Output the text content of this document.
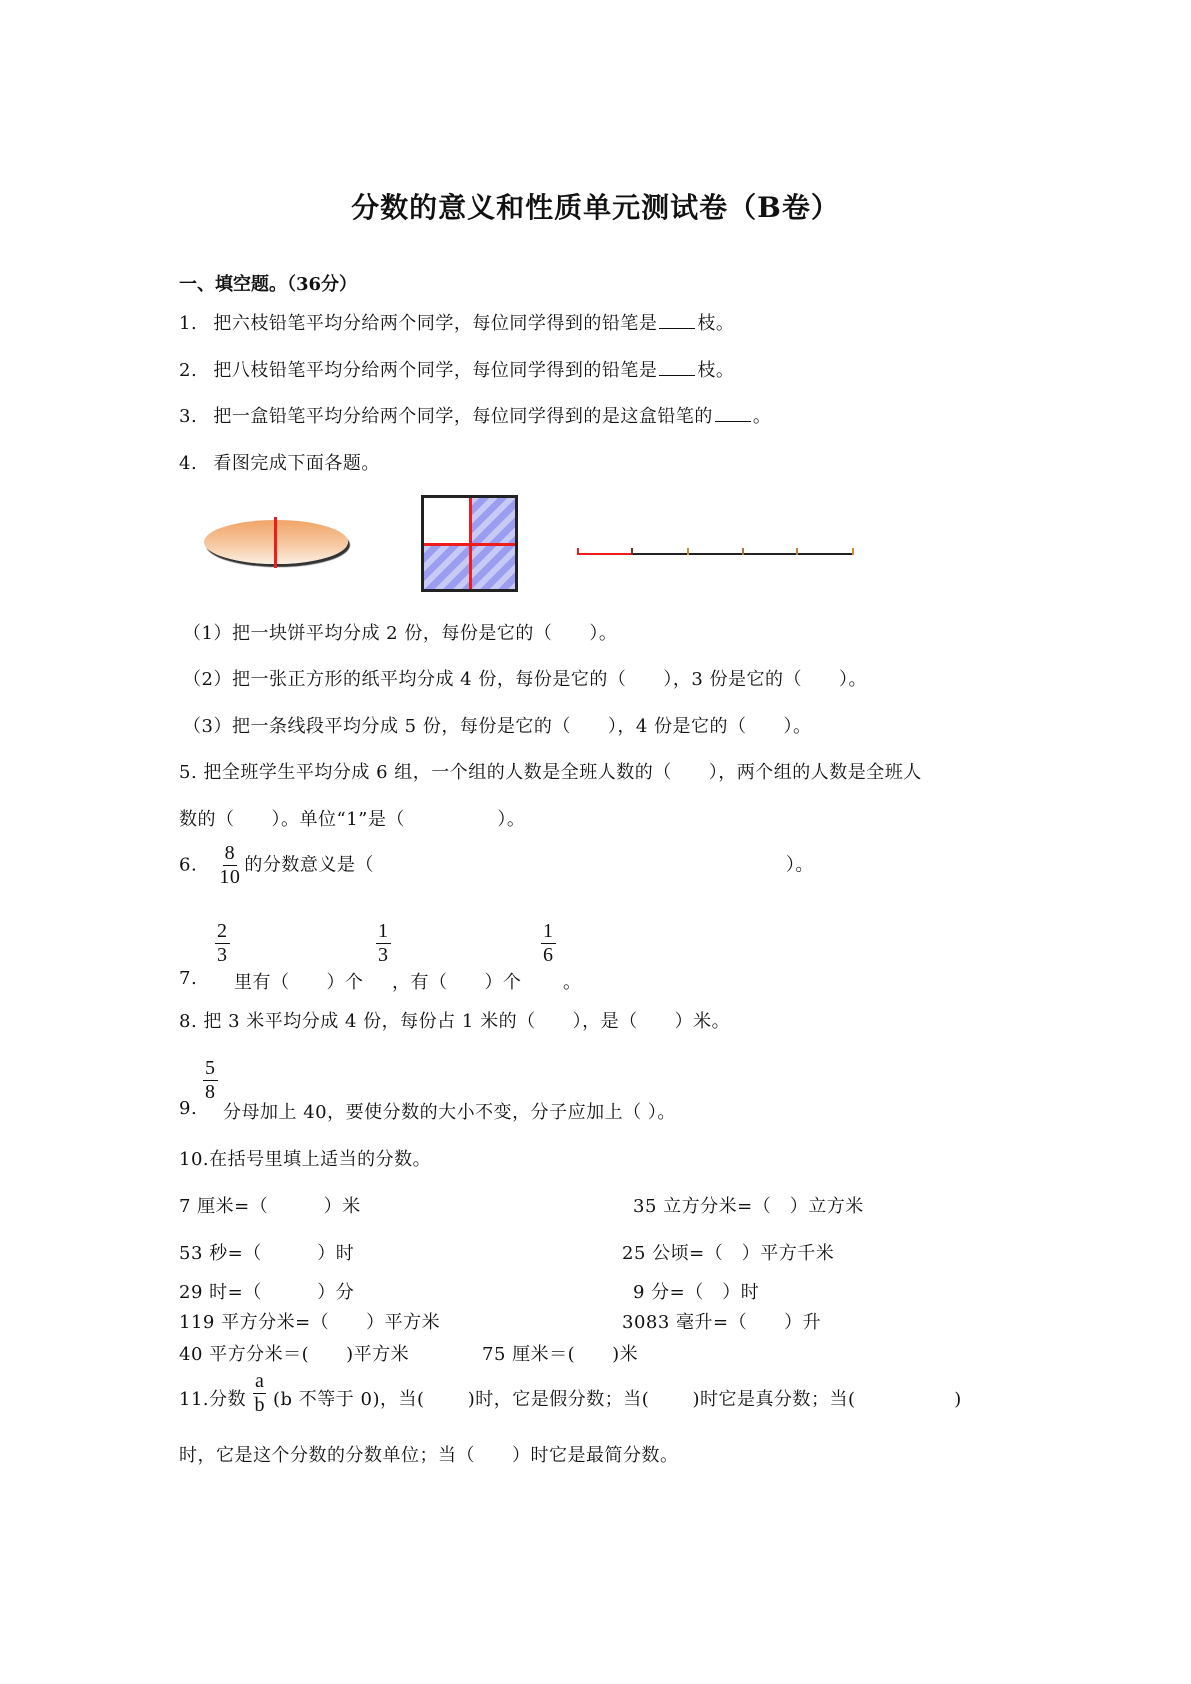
分数的意义和性质单元测试卷（B卷）
一、填空题。（36分）
1. 把六枝铅笔平均分给两个同学，每位同学得到的铅笔是 枝。
2. 把八枝铅笔平均分给两个同学，每位同学得到的铅笔是 枝。
3. 把一盒铅笔平均分给两个同学，每位同学得到的是这盒铅笔的 。
4. 看图完成下面各题。
（1）把一块饼平均分成 2 份，每份是它的（　　）。
（2）把一张正方形的纸平均分成 4 份，每份是它的（　　），3 份是它的（　　）。
（3）把一条线段平均分成 5 份，每份是它的（　　），4 份是它的（　　）。
5. 把全班学生平均分成 6 组，一个组的人数是全班人数的（　　），两个组的人数是全班人
数的（　　）。单位“1”是（　　　　　）。
6. $\frac{8}{10}$ 的分数意义是（	）。
7.
$\frac{2}{3}$
里有（　　）个
$\frac{1}{3}$
，有（　　）个
$\frac{1}{6}$
。
8. 把 3 米平均分成 4 份，每份占 1 米的（　　），是（　　）米。
9.
$\frac{5}{8}$
分母加上 40，要使分数的大小不变，分子应加上（ ）。
10.在括号里填上适当的分数。
7 厘米=（　　　）米	35 立方分米=（　）立方米
53 秒=（　　　）时	25 公顷=（　）平方千米
29 时=（　　　）分	9 分=（　）时
119 平方分米=（　　）平方米	3083 毫升=（　　）升
40 平方分米＝(　　)平方米	75 厘米＝(　　)米
11.分数 $\frac{a}{b} (b$ 不等于 0)，当(　　 )时，它是假分数；当(　　 )时它是真分数；当(　　　　　 )
时，它是这个分数的分数单位；当（　　）时它是最简分数。
